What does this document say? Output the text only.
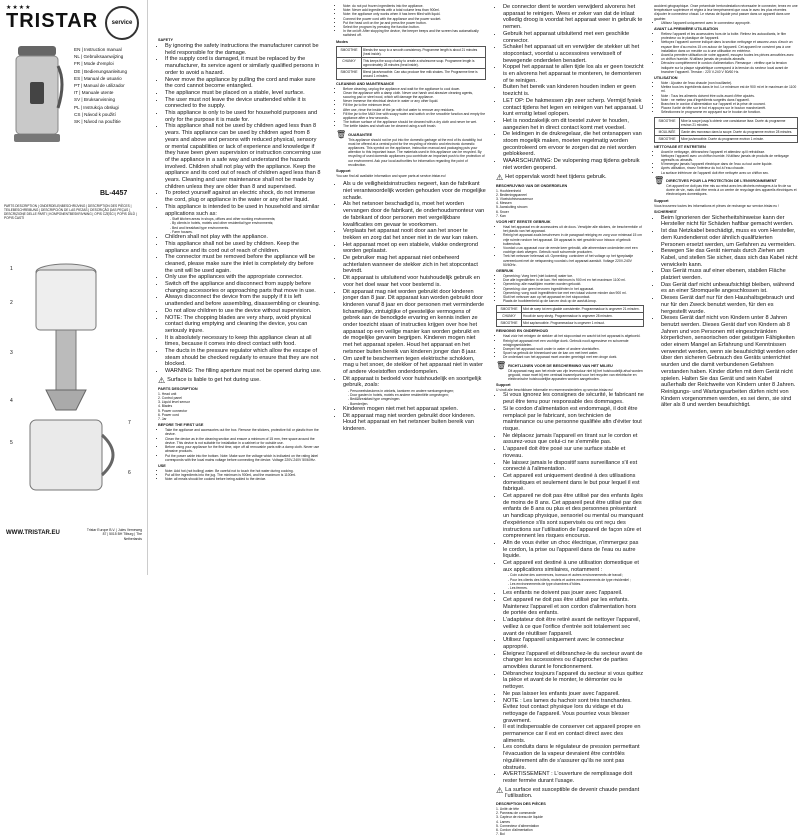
★★★★
TRISTAR	service
EN | Instruction manual
NL | Gebruiksaanwijzing
FR | Mode d'emploi
DE | Bedienungsanleitung
ES | Manual de usuario
PT | Manual de utilizador
IT | Manuale utente
SV | Bruksanvisning
PL | Instrukcja obsługi
CS | Návod k použití
SK | Návod na použitie
BL-4457
PARTS DESCRIPTION | ONDERDELENBESCHRIJVING | DESCRIPTION DES PIÈCES | TEILEBESCHREIBUNG | DESCRIPCIÓN DE LAS PIEZAS | DESCRIÇÃO DAS PEÇAS | DESCRIZIONE DELLE PARTI | KOMPONENTBESKRIVNING | OPIS CZĘŚCI | POPIS DÍLŮ | POPIS ČASTÍ
1
2
3
4
5
6
7
WWW.TRISTAR.EU	Tristar Europe B.V. | Jules Verneweg 87 | 5015 BH Tilburg | The Netherlands
SAFETY
• By ignoring the safety instructions the manufacturer cannot be held responsible for the damage.
• If the supply cord is damaged, it must be replaced by the manufacturer, its service agent or similarly qualified persons in order to avoid a hazard.
• Never move the appliance by pulling the cord and make sure the cord cannot become entangled.
• The appliance must be placed on a stable, level surface.
• The user must not leave the device unattended while it is connected to the supply.
• This appliance is only to be used for household purposes and only for the purpose it is made for.
• This appliance shall not be used by children aged less than 8 years. This appliance can be used by children aged from 8 years and above and persons with reduced physical, sensory or mental capabilities or lack of experience and knowledge if they have been given supervision or instruction concerning use of the appliance in a safe way and understand the hazards involved. Children shall not play with the appliance. Keep the appliance and its cord out of reach of children aged less than 8 years. Cleaning and user maintenance shall not be made by children unless they are older than 8 and supervised.
• To protect yourself against an electric shock, do not immerse the cord, plug or appliance in the water or any other liquid.
• This appliance is intended to be used in household and similar applications such as:
- Staff kitchen areas in shops, offices and other working environments;
- By clients in hotels, motels and other residential type environments;
- Bed and breakfast type environments.
- Farm houses.
• Children shall not play with the appliance.
• This appliance shall not be used by children. Keep the appliance and its cord out of reach of children.
• The connector must be removed before the appliance will be cleaned, please make sure the inlet is completely dry before the unit will be used again.
• Only use the appliances with the appropriate connector.
• Switch off the appliance and disconnect from supply before changing accessories or approaching parts that move in use.
• Always disconnect the device from the supply if it is left unattended and before assembling, disassembling or cleaning.
• Do not allow children to use the device without supervision.
• NOTE: The chopping blades are very sharp, avoid physical contact during emptying and cleaning the device, you can seriously injure.
• It is absolutely necessary to keep this appliance clean at all times, because it comes into direct contact with food.
• The ducts in the pressure regulator which allow the escape of steam should be checked regularly to ensure that they are not blocked.
• WARNING: The filling aperture must not be opened during use.
⚠ Surface is liable to get hot during use.
PARTS DESCRIPTION
1. Head unit
2. Control panel
3. Liquid level sensor
4. Blades
5. Power connector
6. Power cord
7. Jar
BEFORE THE FIRST USE
• Take the appliance and accessories out the box. Remove the stickers, protective foil or plastic from the device.
• Clean the device as in the cleaning section and ensure a minimum of 15 mm, free space around the device. This device is not suitable for installation in a cabinet or for outside use.
• Before using your appliance for the first time, wipe off all removable parts with a damp cloth. Never use abrasive products.
• Put the power cable into the bottom. Note: Make sure the voltage which is indicated on the rating label corresponds with the local mains voltage before connecting the device. Voltage 220V-240V 50/60Hz.
USE
• Note: Add hot (not boiling) water. Be careful not to touch the hot water during cooking.
• Put all the ingredients into the jug. The minimum is 900ml, and the maximum is 1100ml.
• Note: all meals should be cooked before being added to the device.
• Note: do not put frozen ingredients into the appliance.
• Note: Never add ingredients with a total volume less than 900ml.
• Note: the appliance only works when it has been filled with liquid.
• Connect the power cord with the appliance and the power socket.
• Put the head unit on the jar and press the power button.
• Select the program by pressing the function button.
• In the on/off: After stopping the device, the beeper beeps and the screen has automatically switched off.
Modes
SMOOTHIE	Blends the soup to a smooth consistency. Programme length is about 21 minutes (heat inside).
CHUNKY	This keeps the soup chunky to create a wholesome soup. Programme length is approximately 28 minutes (heat inside).
SMOOTHIE	Blend juice/smoothie. Can also produce fine milk shakes. The Programme time is around 1 minutes.
CLEANING AND MAINTENANCE
• Before cleaning, unplug the appliance and wait for the appliance to cool down.
• Clean the appliance with a damp cloth. Never use harsh and abrasive cleaning agents, scouring pad or steel wool, which will damage the appliance.
• Never immerse the electrical device in water or any other liquid.
• Fill the jar to the minimum level.
• After use, rinse the inside of the jar with hot water to remove any residues.
• Fill the jar to the MAX line with soapy water and switch on the smoothie function and empty the appliance after a few seconds.
• The bottom surface of the appliance should be cleaned with a dry cloth and never be wet.
• The kettle blades and shaft can be cleaned using a soft brush.
🗑 GUARANTEE
This appliance should not be put into the domestic garbage at the end of its durability, but must be offered at a central point for the recycling of electric and electronic domestic appliances. This symbol on the appliance, instruction manual and packaging puts your attention to this important issue. The materials used in this appliance can be recycled. By recycling of used domestic appliances you contribute an important push to the protection of our environment. Ask your local authorities for information regarding the point of recollection.
Support
You can find all available information and spare parts at service.tristar.eu!
• Als u de veiligheidsinstructies negeert, kan de fabrikant niet verantwoordelijk worden gehouden voor de mogelijke schade.
• Als het netsnoer beschadigd is, moet het worden vervangen door de fabrikant, de onderhoudsmonteur van de fabrikant of door personen met vergelijkbare kwalificaties om gevaar te voorkomen.
• Verplaats het apparaat nooit door aan het snoer te trekken en zorg dat het snoer niet in de war kan raken.
• Het apparaat moet op een stabiele, vlakke ondergrond worden geplaatst.
• De gebruiker mag het apparaat niet onbeheerd achterlaten wanneer de stekker zich in het stopcontact bevindt.
• Dit apparaat is uitsluitend voor huishoudelijk gebruik en voor het doel waar het voor bestemd is.
• Dit apparaat mag niet worden gebruikt door kinderen jonger dan 8 jaar. Dit apparaat kan worden gebruikt door kinderen vanaf 8 jaar en door personen met verminderde lichamelijke, zintuiglijke of geestelijke vermogens of gebrek aan de benodigde ervaring en kennis indien ze onder toezicht staan of instructies krijgen over hoe het apparaat op een veilige manier kan worden gebruikt en de mogelijke gevaren begrijpen. Kinderen mogen niet met het apparaat spelen. Houd het apparaat en het netsnoer buiten bereik van kinderen jonger dan 8 jaar.
• Om uzelf te beschermen tegen elektrische schokken, mag u het snoer, de stekker of het apparaat niet in water of andere vloeistoffen onderdompelen.
• Dit apparaat is bedoeld voor huishoudelijk en soortgelijk gebruik, zoals:
- Personeelskeukens in winkels, kantoren en andere werkomgevingen;
- Door gasten in hotels, motels en andere residentiële omgevingen;
- Bed&Breakfast type omgevingen.
- Boerderijen.
• Kinderen mogen niet met het apparaat spelen.
• Dit apparaat mag niet worden gebruikt door kinderen. Houd het apparaat en het netsnoer buiten bereik van kinderen.
• De connector dient te worden verwijderd alvorens het apparaat te reinigen. Wees er zeker van dat de inlaat volledig droog is voordat het apparaat weer in gebruik te nemen.
• Gebruik het apparaat uitsluitend met een geschikte connector.
• Schakel het apparaat uit en verwijder de stekker uit het stopcontact, voordat u accessoires verwisselt of bewegende onderdelen benadert.
• Koppel het apparaat te allen tijde los als er geen toezicht is en alvorens het apparaat te monteren, te demonteren of te reinigen.
• Buiten het bereik van kinderen houden indien er geen toezicht is.
• LET OP: De hakmessen zijn zeer scherp. Vermijd fysiek contact tijdens het legen en reinigen van het apparaat. U kunt ernstig letsel oplopen.
• Het is noodzakelijk om dit toestel zuiver te houden, aangezien het in direct contact komt met voedsel.
• De leidingen in de drukregelaar, die het ontsnappen van stoom mogelijk maken, moeten regelmatig worden gecontroleerd om ervoor te zorgen dat ze niet worden geblokkeerd.
• WAARSCHUWING: De vulopening mag tijdens gebruik niet worden geopend.
⚠ Het oppervlak wordt heet tijdens gebruik.
BESCHRIJVING VAN DE ONDERDELEN
1. Hoofdeenheid
2. Bedieningspaneel
3. Vloeistofniveausensor
4. Messen
5. Aansluiting stroom
6. Snoer
7. Kan
VOOR HET EERSTE GEBRUIK
• Haal het apparaat en de accessoires uit de doos. Verwijder alle stickers, de beschermfolie of het plastic van het apparaat.
• Reinig het apparaat zoals beschreven in de paragraaf reiniging en zorg voor minimaal 15 cm vrije ruimte rondom het apparaat. Dit apparaat is niet geschikt voor inbouw of gebruik buitenshuis.
• Voordat u uw apparaat voor de eerste keer gebruikt, alle afneembare onderdelen met een vochtige doek afvegen. Gebruik nooit schurende producten.
• Trek het netsnoer helemaal uit. Opmerking: controleer of het voltage op het typeplaatje overeenkomt met de netspanning voordat u het apparaat aansluit. Voltage 220V-240V 50/60Hz.
GEBRUIK
• Opmerking: Voeg heet (niet kokend) water toe.
• Doe alle ingrediënten in de kan. Het minimum is 900 ml en het maximum 1100 ml.
• Opmerking: alle maaltijden moeten worden gekookt.
• Opmerking: doe geen bevroren ingrediënten in het apparaat.
• Opmerking: voeg nooit ingrediënten toe met een totaal volume minder dan 900 ml.
• Sluit het netsnoer aan op het apparaat en het stopcontact.
• Plaats de hoofdeenheid op de kan en druk op de aan/uit-knop.
SMOOTHIE	Mixt de soep tot een gladde consistentie. Programmaduur is ongeveer 21 minuten.
CHUNKY	Houdt de soep stevig. Programmaduur is ongeveer 28 minuten.
SMOOTHIE	Mixt sap/smoothie. Programmaduur is ongeveer 1 minuut.
REINIGING EN ONDERHOUD
• Haal vóór het reinigen de stekker uit het stopcontact en wacht tot het apparaat is afgekoeld.
• Reinig het apparaat met een vochtige doek. Gebruik nooit agressieve en schurende reinigingsmiddelen.
• Dompel het apparaat nooit onder in water of andere vloeistoffen.
• Spoel na gebruik de binnenkant van de kan om met heet water.
• De onderkant van het apparaat moet worden gereinigd met een droge doek.
🗑 RICHTLIJNEN VOOR DE BESCHERMING VAN HET MILIEU
Dit apparaat mag aan het einde van zijn levensduur niet bij het huishoudelijk afval worden gegooid, maar moet bij een centraal inzamelpunt voor het recyclen van elektrische en elektronische huishoudelijke apparaten worden aangeboden.
Support
U vindt alle beschikbare informatie en reserveonderdelen op service.tristar.eu!
• Si vous ignorez les consignes de sécurité, le fabricant ne peut être tenu pour responsable des dommages.
• Si le cordon d'alimentation est endommagé, il doit être remplacé par le fabricant, son technicien de maintenance ou une personne qualifiée afin d'éviter tout risque.
• Ne déplacez jamais l'appareil en tirant sur le cordon et assurez-vous que celui-ci ne s'emmêle pas.
• L'appareil doit être posé sur une surface stable et rioveau.
• Ne laissez jamais le dispositif sans surveillance s'il est connecté à l'alimentation.
• Cet appareil est uniquement destiné à des utilisations domestiques et seulement dans le but pour lequel il est fabriqué.
• Cet appareil ne doit pas être utilisé par des enfants âgés de moins de 8 ans. Cet appareil peut être utilisé par des enfants de 8 ans ou plus et des personnes présentant un handicap physique, sensoriel ou mental ou manquant d'expérience s'ils sont supervisés ou ont reçu des instructions sur l'utilisation de l'appareil de façon sûre et comprennent les risques encourus.
• Afin de vous éviter un choc électrique, n'immergez pas le cordon, la prise ou l'appareil dans de l'eau ou autre liquide.
• Cet appareil est destiné à une utilisation domestique et aux applications similaires, notamment :
- Coin cuisine des commerces, bureaux et autres environnements de travail ;
- Pour les clients des hôtels, motels et autres environnements de type résidentiel ;
- Les environnements de type chambres d'hôtes.
- Les fermes.
• Les enfants ne doivent pas jouer avec l'appareil.
• Cet appareil ne doit pas être utilisé par les enfants. Maintenez l'appareil et son cordon d'alimentation hors de portée des enfants.
• L'adaptateur doit être retiré avant de nettoyer l'appareil, veillez à ce que l'orifice d'entrée soit totalement sec avant de réutiliser l'appareil.
• Utilisez l'appareil uniquement avec le connecteur approprié.
• Éteignez l'appareil et débranchez-le du secteur avant de changer les accessoires ou d'approcher de parties amovibles durant le fonctionnement.
• Débranchez toujours l'appareil du secteur si vous quittez la pièce et avant de le monter, le démonter ou le nettoyer.
• Ne pas laisser les enfants jouer avec l'appareil.
• NOTE : Les lames du hachoir sont très tranchantes. Évitez tout contact physique lors du vidage et du nettoyage de l'appareil. Vous pourriez vous blesser gravement.
• Il est indispensable de conserver cet appareil propre en permanence car il est en contact direct avec des aliments.
• Les conduits dans le régulateur de pression permettant l'évacuation de la vapeur devraient être contrôlés régulièrement afin de s'assurer qu'ils ne sont pas obstrués.
• AVERTISSEMENT : L'ouverture de remplissage doit rester fermée durant l'usage.
⚠ La surface est susceptible de devenir chaude pendant l'utilisation.
DESCRIPTION DES PIÈCES
1. Unité de tête
2. Panneau de commande
3. Capteur de niveau de liquide
4. Lames
5. Connecteur d'alimentation
6. Cordon d'alimentation
7. Bol
accident géographique. Onze préambule hertondestation nécessaire le connecter, tenez en une température supérieure et réglez à leur tempérament que vous le avec les plus récentes d'ajouter le connecteur chaud. Le niveau de liquide peut passer dans un appareil dans une gaufrier.
• Utilisez l'appareil uniquement avec le connecteur approprié.
AVANT LA PREMIÈRE UTILISATION
• Retirez l'appareil et les accessoires hors de la boîte. Retirez les autocollants, le film protecteur ou le plastique de l'appareil.
• Nettoyez l'appareil comme indiqué dans la section nettoyage et assurez-vous d'avoir un espace libre d'au moins 15 cm autour de l'appareil. Cet appareil ne convient pas à une installation dans un meuble ou à une utilisation en extérieur.
• Avant la première utilisation de votre appareil, essuyez toutes les pièces amovibles avec un chiffon humide. N'utilisez jamais de produits abrasifs.
• Déroulez complètement le cordon d'alimentation. Remarque : vérifiez que la tension indiquée sur la plaque signalétique correspond à la tension du secteur local avant de brancher l'appareil. Tension : 220 V-240 V 50/60 Hz.
UTILISATION
• Note : Ajoutez de l'eau chaude (non bouillante).
• Mettez tous les ingrédients dans le bol. Le minimum est de 900 ml et le maximum de 1100 ml.
• Note : Tous les aliments doivent être cuits avant d'être ajoutés.
• Note : ne mettez pas d'ingrédients surgelés dans l'appareil.
• Branchez le cordon d'alimentation sur l'appareil et la prise de courant.
• Placez l'unité de tête sur le bol et appuyez sur le bouton marche/arrêt.
• Sélectionnez le programme en appuyant sur le bouton de fonction.
SMOOTHIE	Mixe la soupe jusqu'à obtenir une consistance lisse. Durée du programme environ 21 minutes.
MOULINÉE	Garde des morceaux dans la soupe. Durée du programme environ 28 minutes.
SMOOTHIE	Mixe jus/smoothie. Durée du programme environ 1 minute.
NETTOYAGE ET ENTRETIEN
• Avant le nettoyage, débranchez l'appareil et attendez qu'il refroidisse.
• Nettoyez l'appareil avec un chiffon humide. N'utilisez jamais de produits de nettoyage agressifs ou abrasifs.
• N'immergez jamais l'appareil électrique dans de l'eau ou tout autre liquide.
• Après utilisation, rincez l'intérieur du bol à l'eau chaude.
• La surface inférieure de l'appareil doit être nettoyée avec un chiffon sec.
🗑 DIRECTIVES POUR LA PROTECTION DE L'ENVIRONNEMENT
Cet appareil ne doit pas être mis au rebut avec les déchets ménagers à la fin de sa durée de vie, mais doit être remis à un centre de recyclage des appareils électriques et électroniques domestiques.
Support
Vous trouverez toutes les informations et pièces de rechange sur service.tristar.eu !
SICHERHEIT
• Beim Ignorieren der Sicherheitshinweise kann der Hersteller nicht für Schäden haftbar gemacht werden.
• Ist das Netzkabel beschädigt, muss es vom Hersteller, dem Kundendienst oder ähnlich qualifizierten Personen ersetzt werden, um Gefahren zu vermeiden.
• Bewegen Sie das Gerät niemals durch Ziehen am Kabel, und stellen Sie sicher, dass sich das Kabel nicht verwickeln kann.
• Das Gerät muss auf einer ebenen, stabilen Fläche platziert werden.
• Das Gerät darf nicht unbeaufsichtigt bleiben, während es an einer Stromquelle angeschlossen ist.
• Dieses Gerät darf nur für den Haushaltsgebrauch und nur für den Zweck benutzt werden, für den es hergestellt wurde.
• Dieses Gerät darf nicht von Kindern unter 8 Jahren benutzt werden. Dieses Gerät darf von Kindern ab 8 Jahren und von Personen mit eingeschränkten körperlichen, sensorischen oder geistigen Fähigkeiten oder einem Mangel an Erfahrung und Kenntnissen verwendet werden, wenn sie beaufsichtigt werden oder über den sicheren Gebrauch des Geräts unterrichtet wurden und die damit verbundenen Gefahren verstanden haben. Kinder dürfen mit dem Gerät nicht spielen. Halten Sie das Gerät und sein Kabel außerhalb der Reichweite von Kindern unter 8 Jahren. Reinigungs- und Wartungsarbeiten dürfen nicht von Kindern vorgenommen werden, es sei denn, sie sind älter als 8 und werden beaufsichtigt.
